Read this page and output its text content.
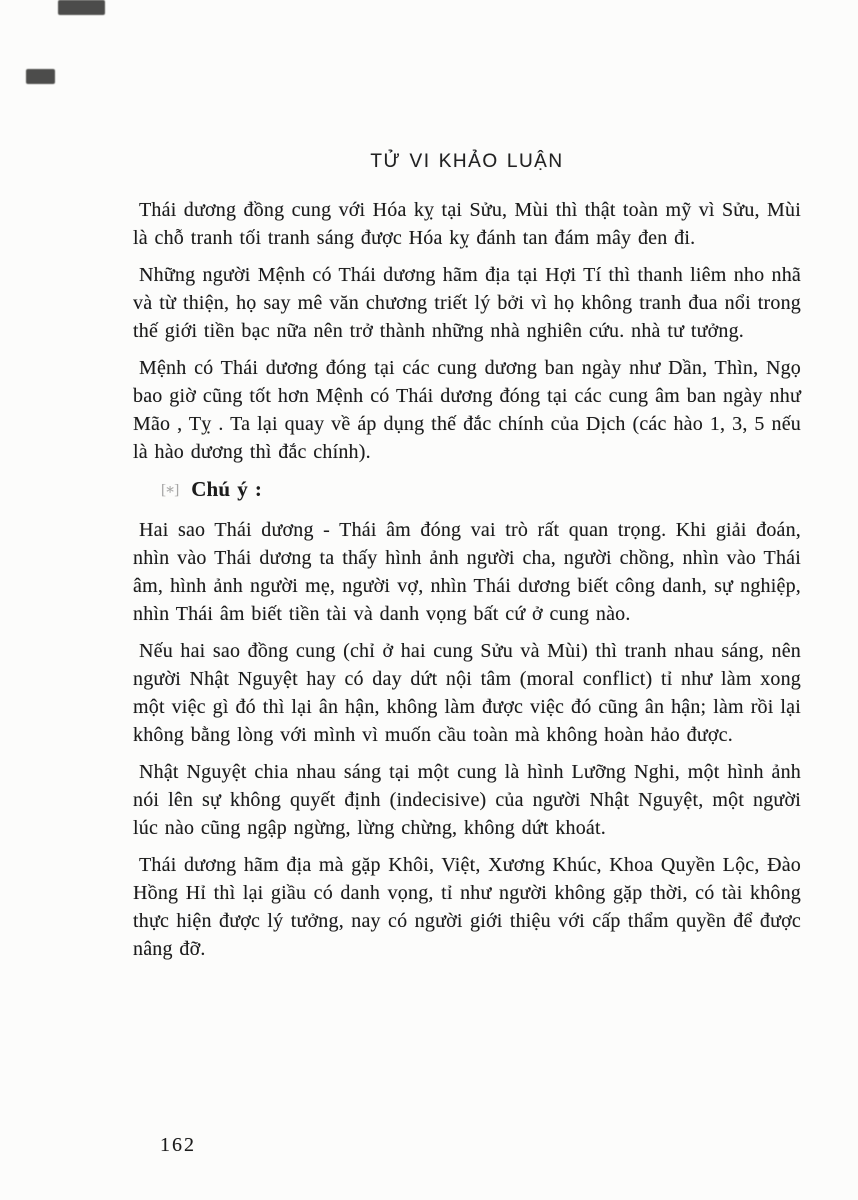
TỬ VI KHẢO LUẬN

Thái dương đồng cung với Hóa kỵ tại Sửu, Mùi thì thật toàn mỹ vì Sửu, Mùi là chỗ tranh tối tranh sáng được Hóa kỵ đánh tan đám mây đen đi.

Những người Mệnh có Thái dương hãm địa tại Hợi Tí thì thanh liêm nho nhã và từ thiện, họ say mê văn chương triết lý bởi vì họ không tranh đua nổi trong thế giới tiền bạc nữa nên trở thành những nhà nghiên cứu. nhà tư tưởng.

Mệnh có Thái dương đóng tại các cung dương ban ngày như Dần, Thìn, Ngọ bao giờ cũng tốt hơn Mệnh có Thái dương đóng tại các cung âm ban ngày như Mão , Tỵ . Ta lại quay về áp dụng thế đắc chính của Dịch (các hào 1, 3, 5 nếu là hào dương thì đắc chính).

[∗] Chú ý :

Hai sao Thái dương - Thái âm đóng vai trò rất quan trọng. Khi giải đoán, nhìn vào Thái dương ta thấy hình ảnh người cha, người chồng, nhìn vào Thái âm, hình ảnh người mẹ, người vợ, nhìn Thái dương biết công danh, sự nghiệp, nhìn Thái âm biết tiền tài và danh vọng bất cứ ở cung nào.

Nếu hai sao đồng cung (chỉ ở hai cung Sửu và Mùi) thì tranh nhau sáng, nên người Nhật Nguyệt hay có day dứt nội tâm (moral conflict) tỉ như làm xong một việc gì đó thì lại ân hận, không làm được việc đó cũng ân hận; làm rồi lại không bằng lòng với mình vì muốn cầu toàn mà không hoàn hảo được.

Nhật Nguyệt chia nhau sáng tại một cung là hình Lưỡng Nghi, một hình ảnh nói lên sự không quyết định (indecisive) của người Nhật Nguyệt, một người lúc nào cũng ngập ngừng, lừng chừng, không dứt khoát.

Thái dương hãm địa mà gặp Khôi, Việt, Xương Khúc, Khoa Quyền Lộc, Đào Hồng Hỉ thì lại giầu có danh vọng, tỉ như người không gặp thời, có tài không thực hiện được lý tưởng, nay có người giới thiệu với cấp thẩm quyền để được nâng đỡ.

162
